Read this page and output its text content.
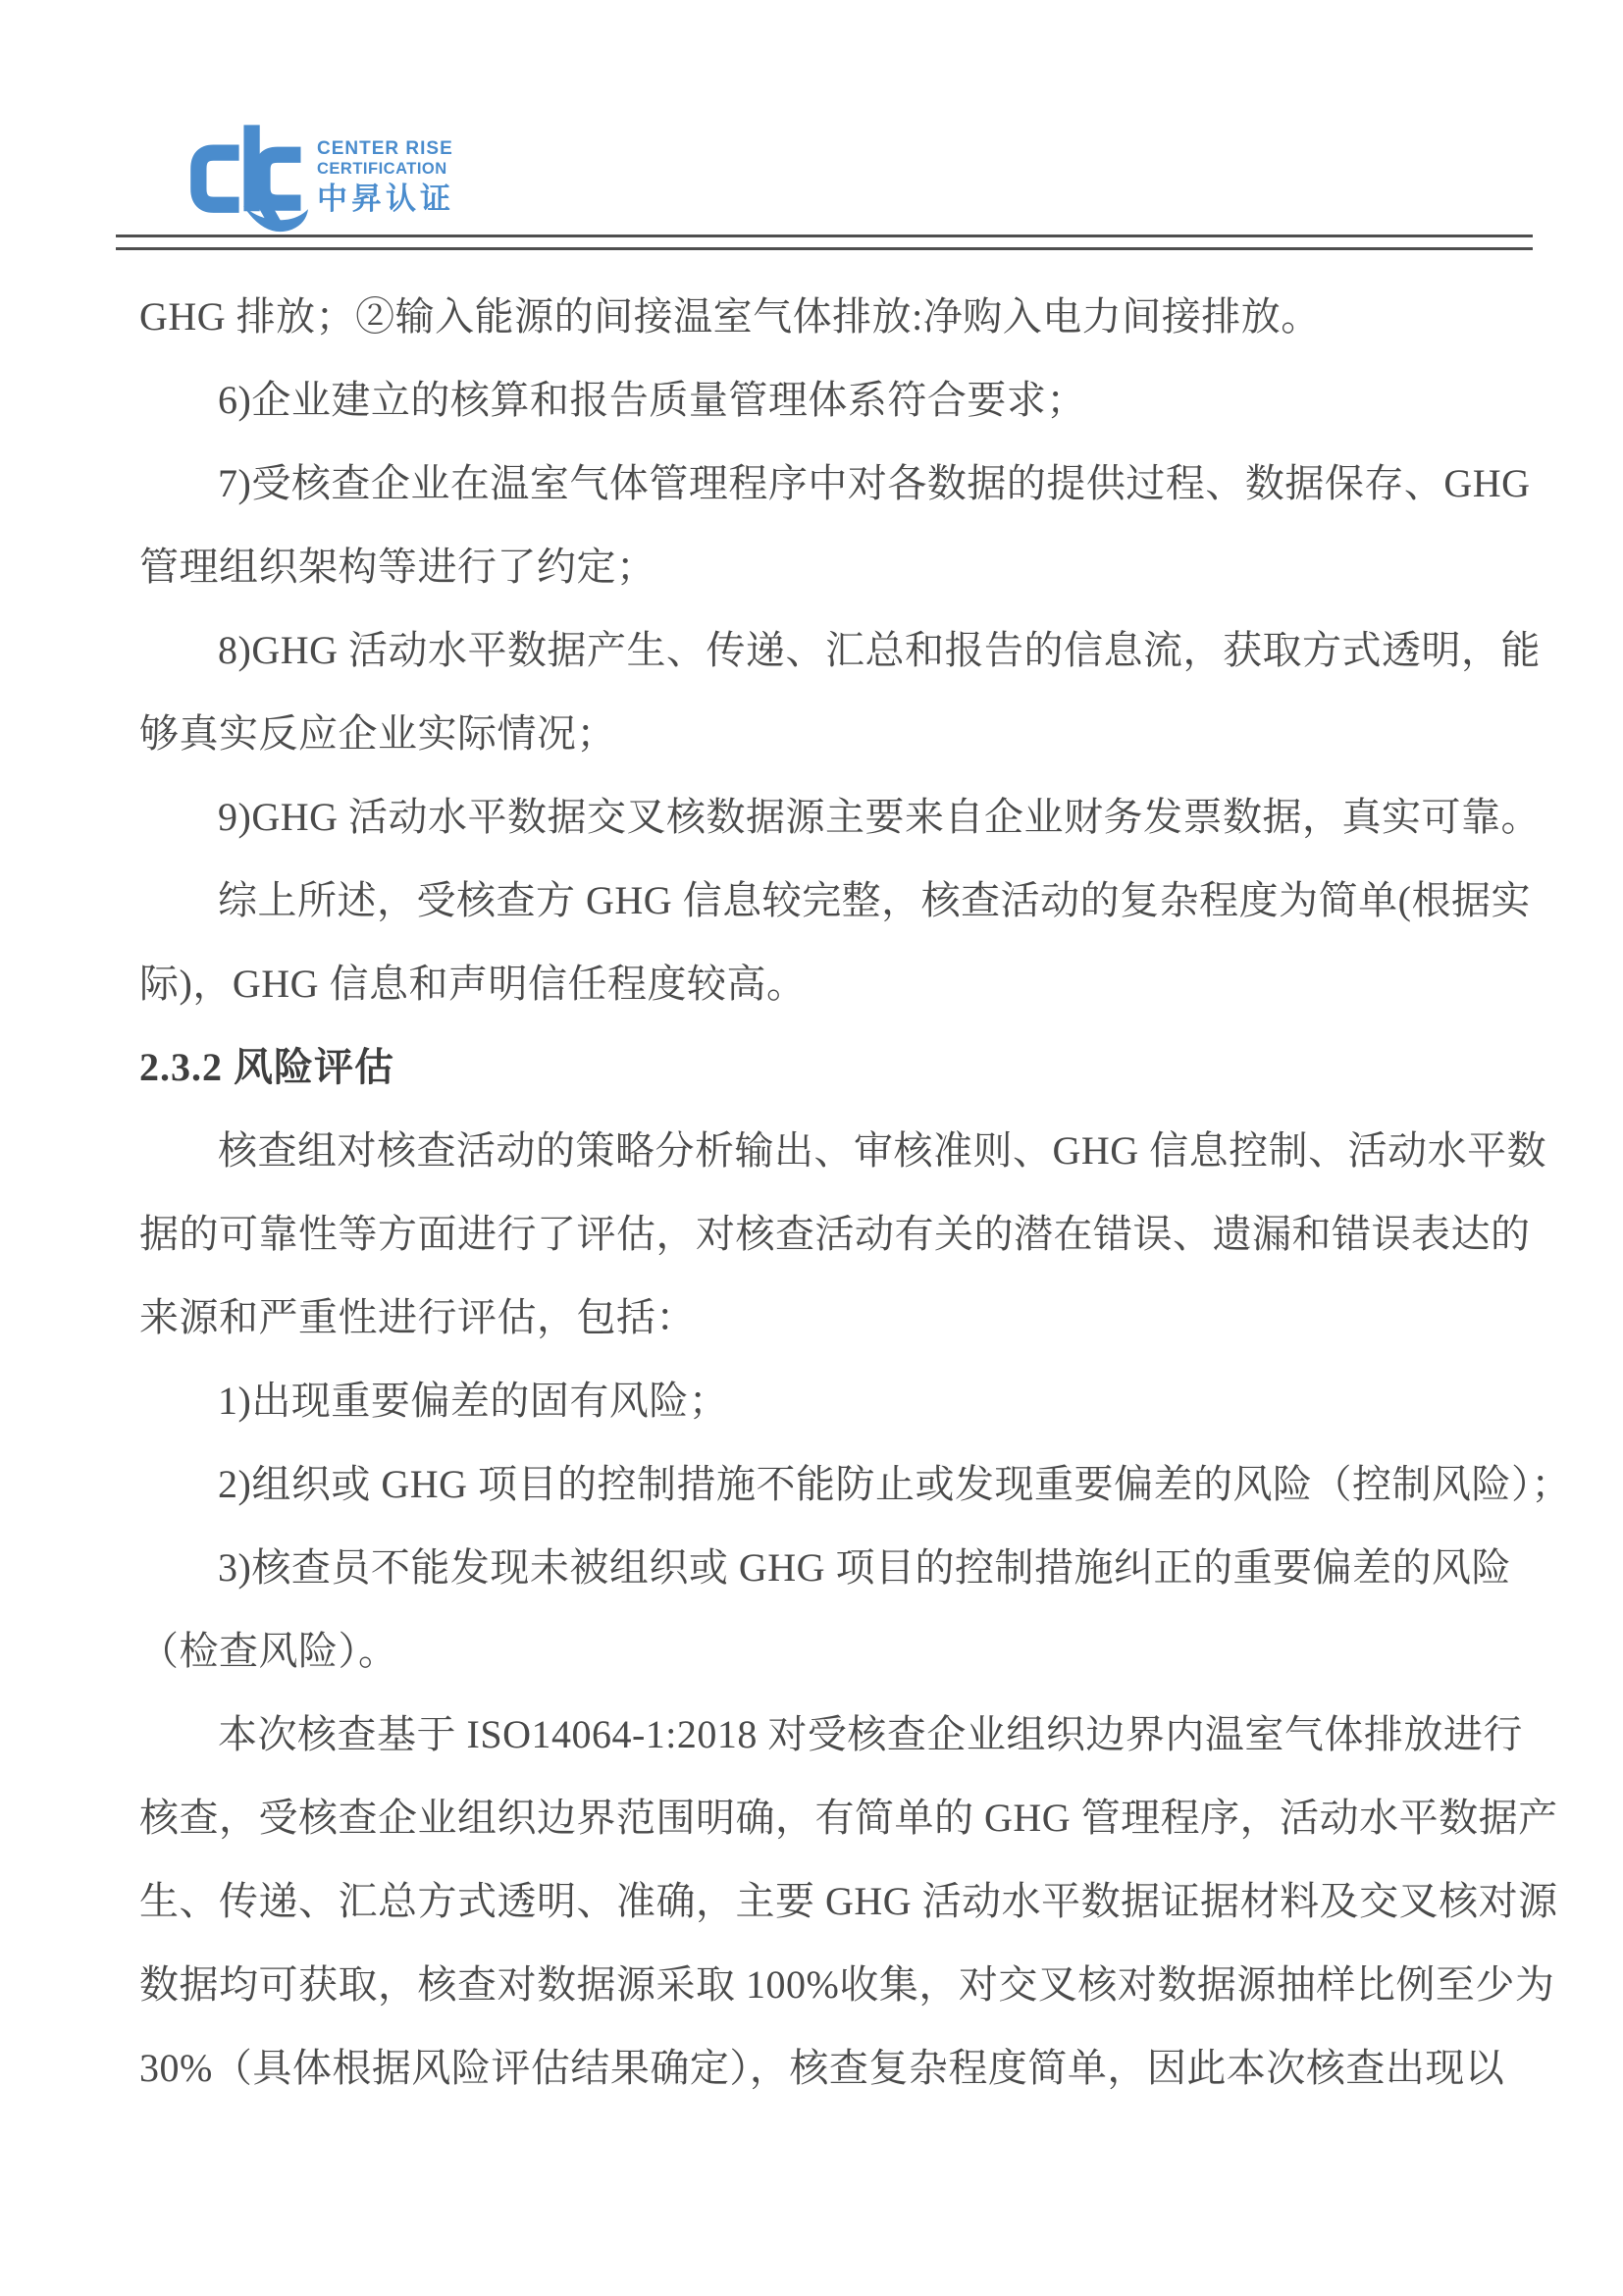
CENTER RISE
CERTIFICATION
中昇认证
GHG 排放；②输入能源的间接温室气体排放:净购入电力间接排放。
6)企业建立的核算和报告质量管理体系符合要求；
7)受核查企业在温室气体管理程序中对各数据的提供过程、数据保存、GHG
管理组织架构等进行了约定；
8)GHG 活动水平数据产生、传递、汇总和报告的信息流，获取方式透明，能
够真实反应企业实际情况；
9)GHG 活动水平数据交叉核数据源主要来自企业财务发票数据，真实可靠。
综上所述，受核查方 GHG 信息较完整，核查活动的复杂程度为简单(根据实
际)，GHG 信息和声明信任程度较高。
2.3.2 风险评估
核查组对核查活动的策略分析输出、审核准则、GHG 信息控制、活动水平数
据的可靠性等方面进行了评估，对核查活动有关的潜在错误、遗漏和错误表达的
来源和严重性进行评估，包括：
1)出现重要偏差的固有风险；
2)组织或 GHG 项目的控制措施不能防止或发现重要偏差的风险（控制风险）；
3)核查员不能发现未被组织或 GHG 项目的控制措施纠正的重要偏差的风险
（检查风险）。
本次核查基于 ISO14064-1:2018 对受核查企业组织边界内温室气体排放进行
核查，受核查企业组织边界范围明确，有简单的 GHG 管理程序，活动水平数据产
生、传递、汇总方式透明、准确，主要 GHG 活动水平数据证据材料及交叉核对源
数据均可获取，核查对数据源采取 100%收集，对交叉核对数据源抽样比例至少为
30%（具体根据风险评估结果确定），核查复杂程度简单，因此本次核查出现以
